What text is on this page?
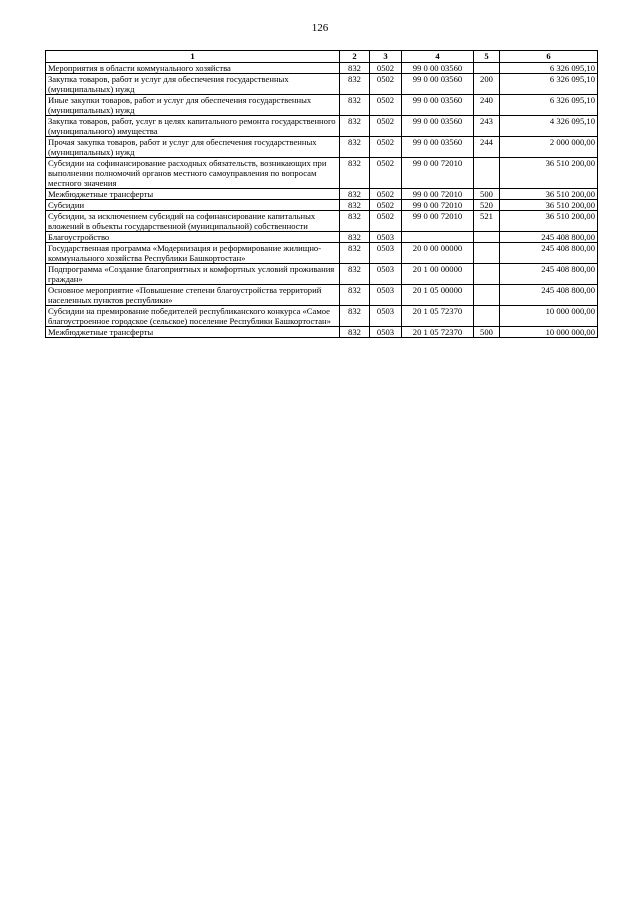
126
1	2	3	4	5	6
Мероприятия в области коммунального хозяйства	832	0502	99 0 00 03560		6 326 095,10
Закупка товаров, работ и услуг для обеспечения государственных (муниципальных) нужд	832	0502	99 0 00 03560	200	6 326 095,10
Иные закупки товаров, работ и услуг для обеспечения государственных (муниципальных) нужд	832	0502	99 0 00 03560	240	6 326 095,10
Закупка товаров, работ, услуг в целях капитального ремонта государственного (муниципального) имущества	832	0502	99 0 00 03560	243	4 326 095,10
Прочая закупка товаров, работ и услуг для обеспечения государственных (муниципальных) нужд	832	0502	99 0 00 03560	244	2 000 000,00
Субсидии на софинансирование расходных обязательств, возникающих при выполнении полномочий органов местного самоуправления по вопросам местного значения	832	0502	99 0 00 72010		36 510 200,00
Межбюджетные трансферты	832	0502	99 0 00 72010	500	36 510 200,00
Субсидии	832	0502	99 0 00 72010	520	36 510 200,00
Субсидии, за исключением субсидий на софинансирование капитальных вложений в объекты государственной (муниципальной) собственности	832	0502	99 0 00 72010	521	36 510 200,00
Благоустройство	832	0503			245 408 800,00
Государственная программа «Модернизация и реформирование жилищно-коммунального хозяйства Республики Башкортостан»	832	0503	20 0 00 00000		245 408 800,00
Подпрограмма «Создание благоприятных и комфортных условий проживания граждан»	832	0503	20 1 00 00000		245 408 800,00
Основное мероприятие «Повышение степени благоустройства территорий населенных пунктов республики»	832	0503	20 1 05 00000		245 408 800,00
Субсидии на премирование победителей республиканского конкурса «Самое благоустроенное городское (сельское) поселение Республики Башкортостан»	832	0503	20 1 05 72370		10 000 000,00
Межбюджетные трансферты	832	0503	20 1 05 72370	500	10 000 000,00
